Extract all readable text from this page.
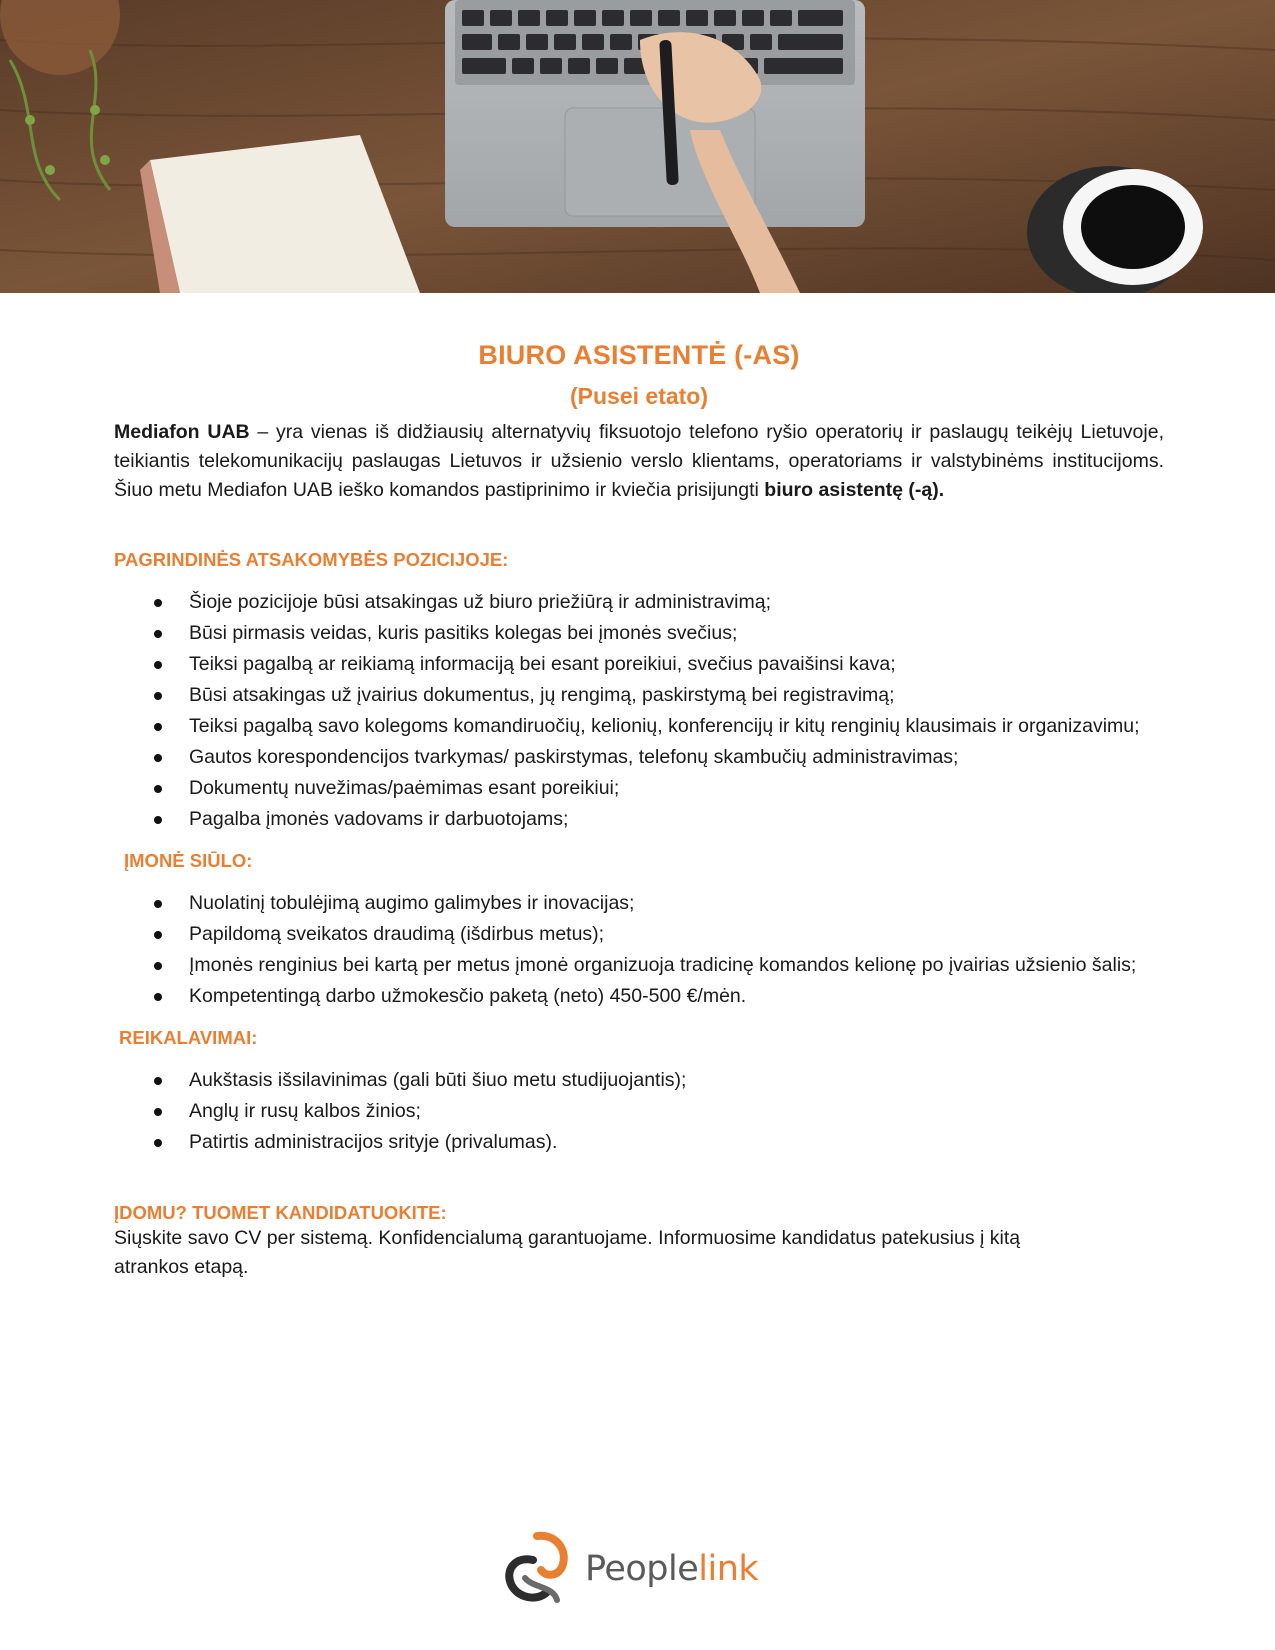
BIURO ASISTENTĖ (-AS)
(Pusei etato)

Mediafon UAB – yra vienas iš didžiausių alternatyvių fiksuotojo telefono ryšio operatorių ir paslaugų teikėjų Lietuvoje, teikiantis telekomunikacijų paslaugas Lietuvos ir užsienio verslo klientams, operatoriams ir valstybinėms institucijoms. Šiuo metu Mediafon UAB ieško komandos pastiprinimo ir kviečia prisijungti biuro asistentę (-ą).

PAGRINDINĖS ATSAKOMYBĖS POZICIJOJE:
Šioje pozicijoje būsi atsakingas už biuro priežiūrą ir administravimą;
Būsi pirmasis veidas, kuris pasitiks kolegas bei įmonės svečius;
Teiksi pagalbą ar reikiamą informaciją bei esant poreikiui, svečius pavaišinsi kava;
Būsi atsakingas už įvairius dokumentus, jų rengimą, paskirstymą bei registravimą;
Teiksi pagalbą savo kolegoms komandiruočių, kelionių, konferencijų ir kitų renginių klausimais ir organizavimu;
Gautos korespondencijos tvarkymas/ paskirstymas, telefonų skambučių administravimas;
Dokumentų nuvežimas/paėmimas esant poreikiui;
Pagalba įmonės vadovams ir darbuotojams;
ĮMONĖ SIŪLO:
Nuolatinį tobulėjimą augimo galimybes ir inovacijas;
Papildomą sveikatos draudimą (išdirbus metus);
Įmonės renginius bei kartą per metus įmonė organizuoja tradicinę komandos kelionę po įvairias užsienio šalis;
Kompetentingą darbo užmokesčio paketą (neto) 450-500 €/mėn.
REIKALAVIMAI:
Aukštasis išsilavinimas (gali būti šiuo metu studijuojantis);
Anglų ir rusų kalbos žinios;
Patirtis administracijos srityje (privalumas).
ĮDOMU? TUOMET KANDIDATUOKITE:

Siųskite savo CV per sistemą. Konfidencialumą garantuojame. Informuosime kandidatus patekusius į kitą atrankos etapą.

Peoplelink
